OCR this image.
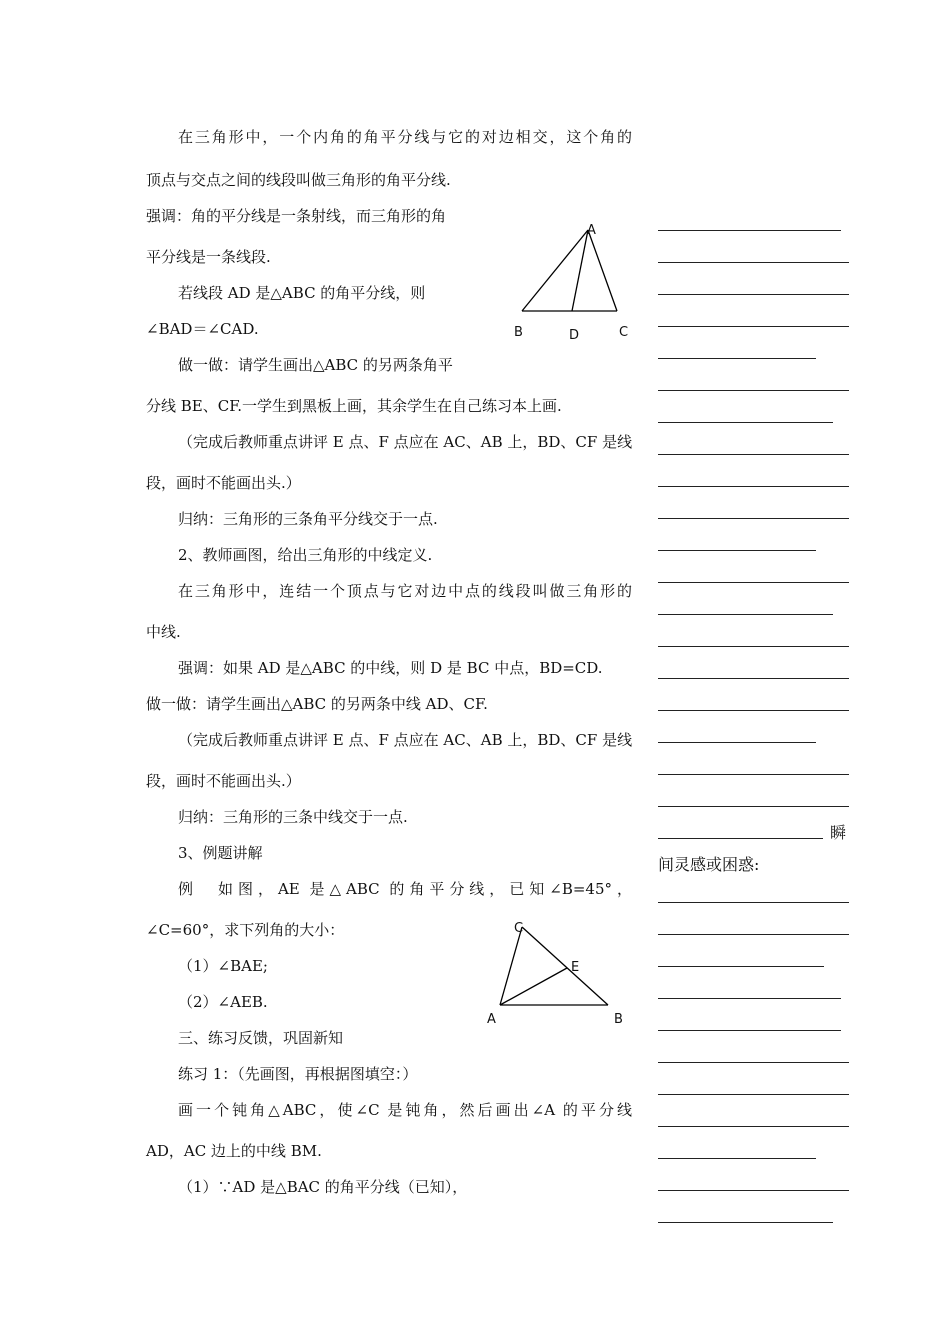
在三角形中，一个内角的角平分线与它的对边相交，这个角的
顶点与交点之间的线段叫做三角形的角平分线.
强调：角的平分线是一条射线，而三角形的角
平分线是一条线段.
若线段 AD 是△ABC 的角平分线，则
∠BAD＝∠CAD.
做一做：请学生画出△ABC 的另两条角平
分线 BE、CF.一学生到黑板上画，其余学生在自己练习本上画.
（完成后教师重点讲评 E 点、F 点应在 AC、AB 上，BD、CF 是线
段，画时不能画出头.）
归纳：三角形的三条角平分线交于一点.
2、教师画图，给出三角形的中线定义.
在三角形中，连结一个顶点与它对边中点的线段叫做三角形的
中线.
强调：如果 AD 是△ABC 的中线，则 D 是 BC 中点，BD=CD.
做一做：请学生画出△ABC 的另两条中线 AD、CF.
（完成后教师重点讲评 E 点、F 点应在 AC、AB 上，BD、CF 是线
段，画时不能画出头.）
归纳：三角形的三条中线交于一点.
3、例题讲解
例　如图，AE 是△ABC 的角平分线，已知∠B=45°，
∠C=60°，求下列角的大小：
（1）∠BAE;
（2）∠AEB.
三、练习反馈，巩固新知
练习 1：（先画图，再根据图填空：）
画一个钝角△ABC，使∠C 是钝角，然后画出∠A 的平分线
AD，AC 边上的中线 BM.
（1）∵AD 是△BAC 的角平分线（已知），
A
B	D	C
C
E
A	B
瞬
间灵感或困惑:
